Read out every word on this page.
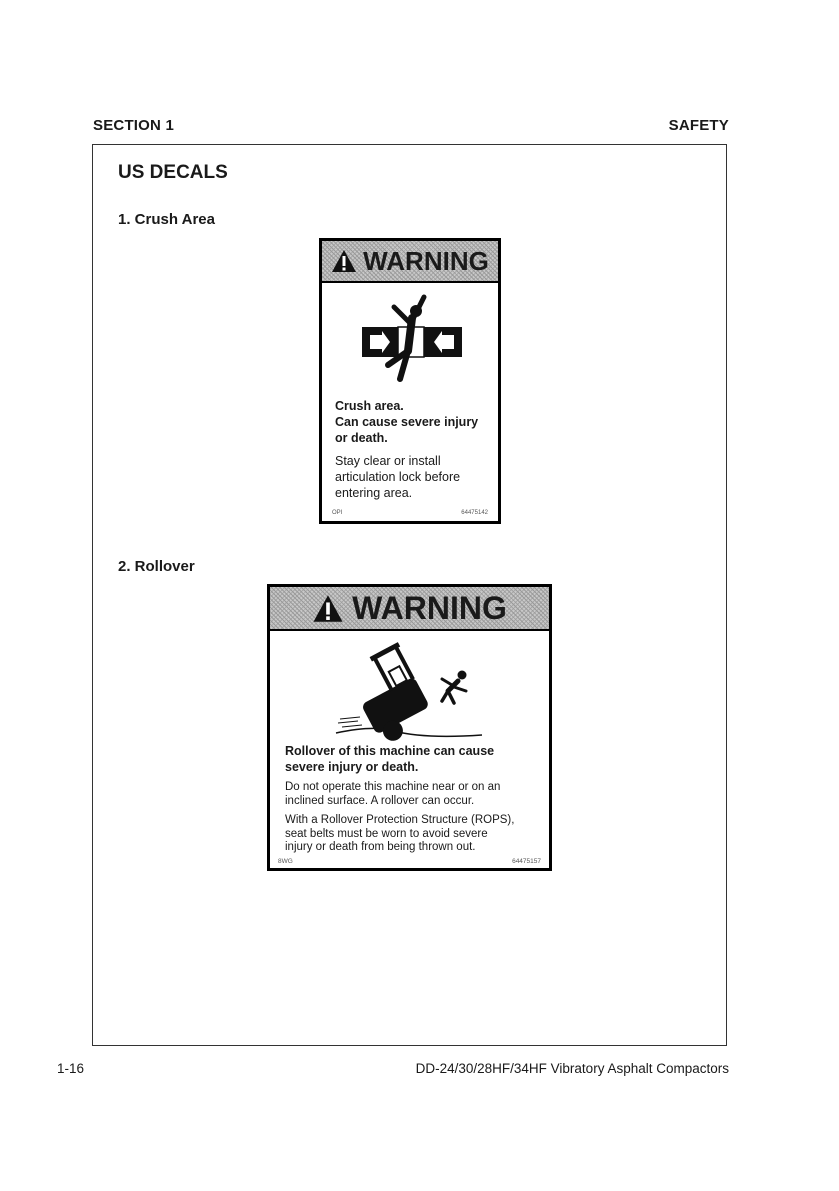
SECTION 1	SAFETY
US DECALS
1. Crush Area
WARNING
Crush area.
Can cause severe injury
or death.
Stay clear or install
articulation lock before
entering area.
OPI	64475142
2. Rollover
WARNING
Rollover of this machine can cause
severe injury or death.
Do not operate this machine near or on an
inclined surface. A rollover can occur.
With a Rollover Protection Structure (ROPS),
seat belts must be worn to avoid severe
injury or death from being thrown out.
8WG	64475157
1-16	DD-24/30/28HF/34HF Vibratory Asphalt Compactors
